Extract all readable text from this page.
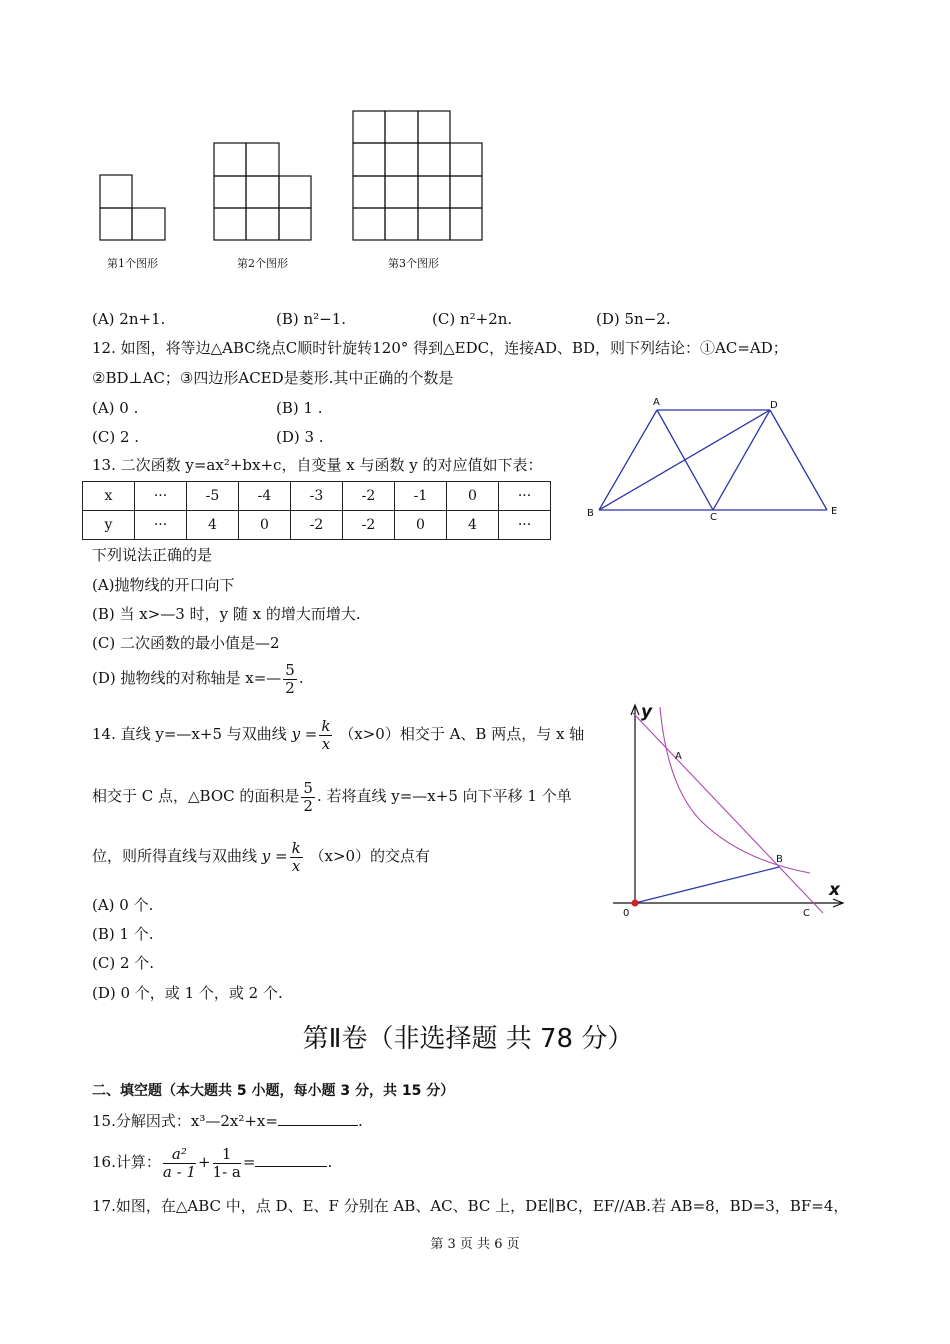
第1个图形	第2个图形	第3个图形
(A) 2n+1.	(B) n²−1.	(C) n²+2n.	(D) 5n−2.
12. 如图，将等边△ABC绕点C顺时针旋转120° 得到△EDC，连接AD、BD，则下列结论：①AC=AD；
②BD⊥AC；③四边形ACED是菱形.其中正确的个数是
(A) 0 .	(B) 1 .
(C) 2 .	(D) 3 .
A	D
B	C
E
13. 二次函数 y=ax²+bx+c，自变量 x 与函数 y 的对应值如下表：
x	···	-5	-4	-3	-2	-1	0	···
y	···	4	0	-2	-2	0	4	···
下列说法正确的是
(A)抛物线的开口向下
(B) 当 x>—3 时，y 随 x 的增大而增大.
(C) 二次函数的最小值是—2
(D) 抛物线的对称轴是 x=— $\frac{5}{2}$ .
14. 直线 y=—x+5 与双曲线 $y = \frac{k}{x} (x>0)$相交于 A、B 两点，与 x 轴
相交于 C 点，△BOC 的面积是 $\frac{5}{2}$ . 若将直线 y=—x+5 向下平移 1 个单
位，则所得直线与双曲线 $y = \frac{k}{x} (x>0)$的交点有
(A) 0 个.
(B) 1 个.
(C) 2 个.
(D) 0 个，或 1 个，或 2 个.
y
x
A
B
0	C
第Ⅱ卷（非选择题 共 78 分）
二、填空题（本大题共 5 小题，每小题 3 分，共 15 分）
15.分解因式：x³—2x²+x=	.
16.计算： $\frac{\text{a²}}{a - 1} + \frac{1}{1- a}$ =	.
17.如图，在△ABC 中，点 D、E、F 分别在 AB、AC、BC 上，DE∥BC，EF//AB.若 AB=8，BD=3，BF=4，
第 3 页 共 6 页
